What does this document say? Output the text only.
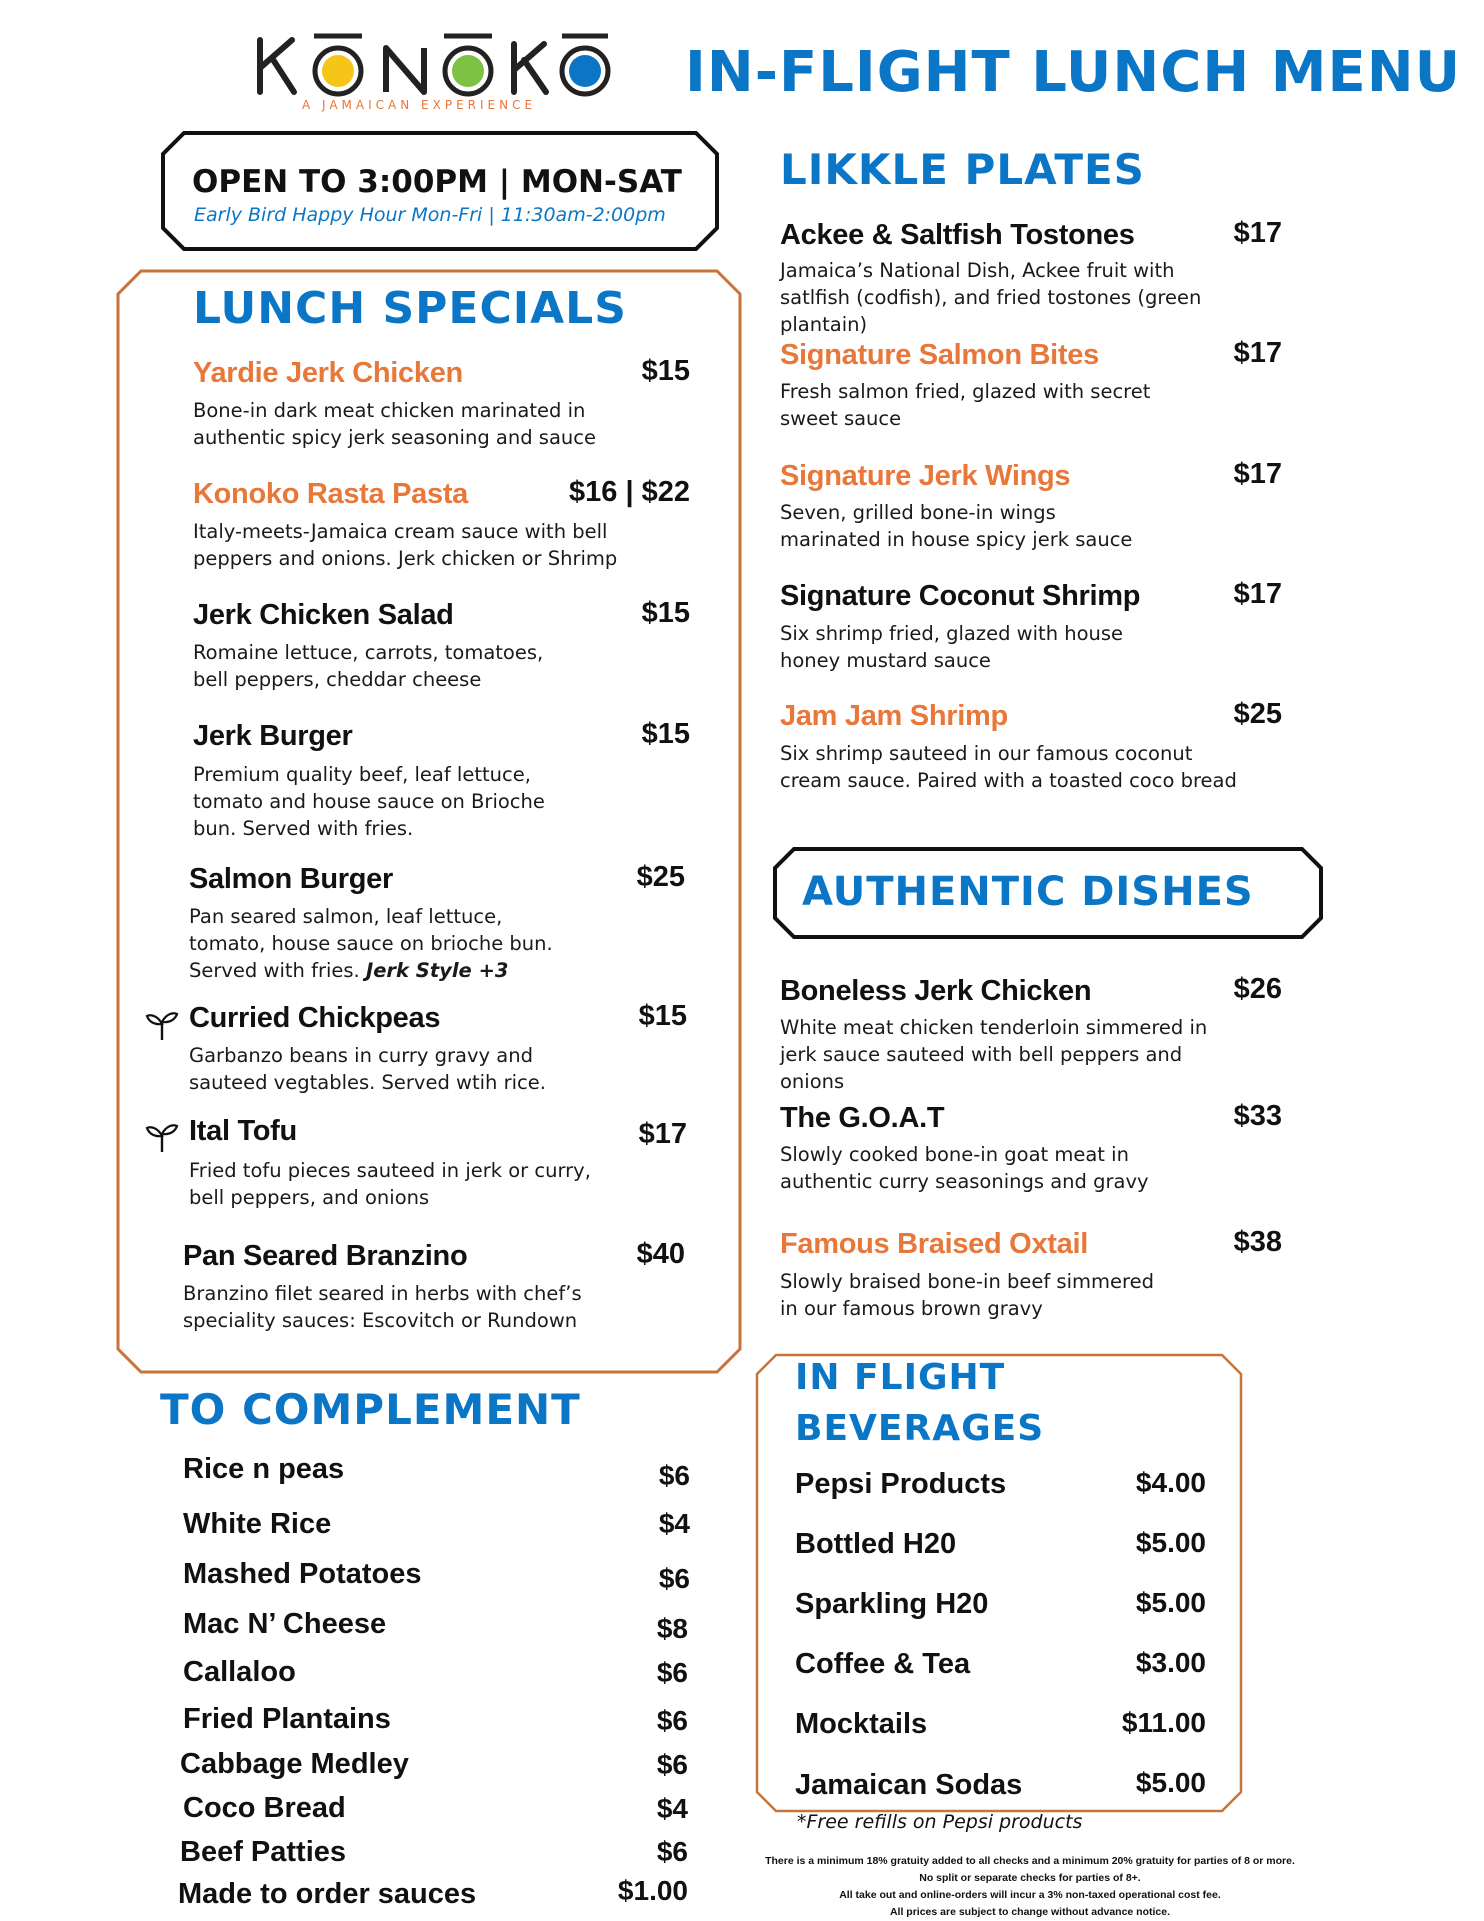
A JAMAICAN EXPERIENCE	IN-FLIGHT LUNCH MENU
OPEN TO 3:00PM | MON-SAT
Early Bird Happy Hour Mon-Fri | 11:30am-2:00pm
LUNCH SPECIALS
Yardie Jerk Chicken	$15
Bone-in dark meat chicken marinated in authentic spicy jerk seasoning and sauce
Konoko Rasta Pasta	$16 | $22
Italy-meets-Jamaica cream sauce with bell peppers and onions. Jerk chicken or Shrimp
Jerk Chicken Salad	$15
Romaine lettuce, carrots, tomatoes, bell peppers, cheddar cheese
Jerk Burger	$15
Premium quality beef, leaf lettuce, tomato and house sauce on Brioche bun. Served with fries.
Salmon Burger	$25
Pan seared salmon, leaf lettuce, tomato, house sauce on brioche bun. Served with fries. Jerk Style +3
Curried Chickpeas	$15
Garbanzo beans in curry gravy and sauteed vegtables. Served wtih rice.
Ital Tofu	$17
Fried tofu pieces sauteed in jerk or curry, bell peppers, and onions
Pan Seared Branzino	$40
Branzino filet seared in herbs with chef’s speciality sauces: Escovitch or Rundown
TO COMPLEMENT
Rice n peas	$6
White Rice	$4
Mashed Potatoes	$6
Mac N’ Cheese	$8
Callaloo	$6
Fried Plantains	$6
Cabbage Medley	$6
Coco Bread	$4
Beef Patties	$6
Made to order sauces	$1.00
LIKKLE PLATES
Ackee & Saltfish Tostones	$17
Jamaica’s National Dish, Ackee fruit with satlfish (codfish), and fried tostones (green plantain)
Signature Salmon Bites	$17
Fresh salmon fried, glazed with secret sweet sauce
Signature Jerk Wings	$17
Seven, grilled bone-in wings marinated in house spicy jerk sauce
Signature Coconut Shrimp	$17
Six shrimp fried, glazed with house honey mustard sauce
Jam Jam Shrimp	$25
Six shrimp sauteed in our famous coconut cream sauce. Paired with a toasted coco bread
AUTHENTIC DISHES
Boneless Jerk Chicken	$26
White meat chicken tenderloin simmered in jerk sauce sauteed with bell peppers and onions
The G.O.A.T	$33
Slowly cooked bone-in goat meat in authentic curry seasonings and gravy
Famous Braised Oxtail	$38
Slowly braised bone-in beef simmered in our famous brown gravy
IN FLIGHT
BEVERAGES
Pepsi Products	$4.00
Bottled H20	$5.00
Sparkling H20	$5.00
Coffee & Tea	$3.00
Mocktails	$11.00
Jamaican Sodas	$5.00
*Free refills on Pepsi products
There is a minimum 18% gratuity added to all checks and a minimum 20% gratuity for parties of 8 or more.
No split or separate checks for parties of 8+.
All take out and online-orders will incur a 3% non-taxed operational cost fee.
All prices are subject to change without advance notice.
